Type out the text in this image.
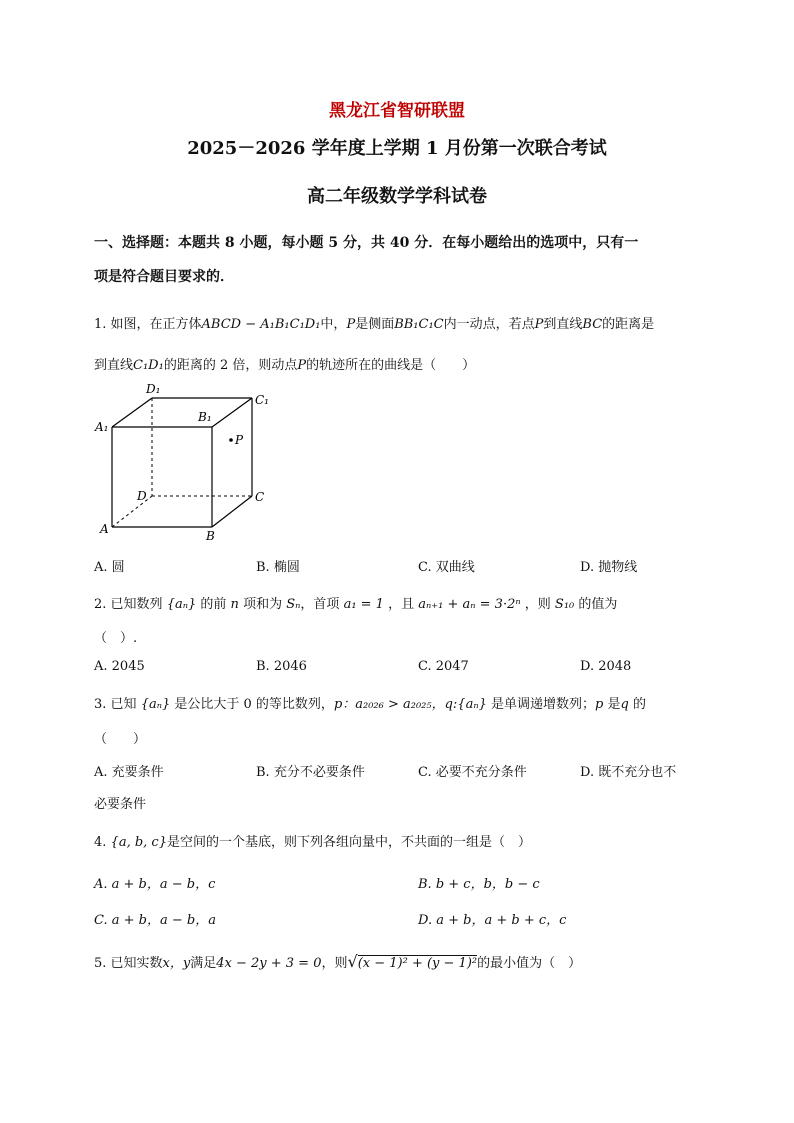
黑龙江省智研联盟
2025－2026 学年度上学期 1 月份第一次联合考试
高二年级数学学科试卷
一、选择题：本题共 8 小题，每小题 5 分，共 40 分．在每小题给出的选项中，只有一
项是符合题目要求的．
1. 如图，在正方体ABCD − A₁B₁C₁D₁中，P是侧面BB₁C₁C内一动点，若点P到直线BC的距离是
到直线C₁D₁的距离的 2 倍，则动点P的轨迹所在的曲线是（　　）
D₁
C₁
A₁
B₁
P
D	C
A	B
A. 圆	B. 椭圆	C. 双曲线	D. 抛物线
2. 已知数列 {aₙ} 的前 n 项和为 Sₙ，首项 a₁ = 1 ，且 aₙ₊₁ + aₙ = 3·2ⁿ ，则 S₁₀ 的值为
（　）.
A. 2045	B. 2046	C. 2047	D. 2048
3. 已知 {aₙ} 是公比大于 0 的等比数列，p：a₂₀₂₆ > a₂₀₂₅，q:{aₙ} 是单调递增数列；p 是q 的
（　　）
A. 充要条件	B. 充分不必要条件	C. 必要不充分条件	D. 既不充分也不
必要条件
4. {a, b, c}是空间的一个基底，则下列各组向量中，不共面的一组是（　）
A. a + b，a − b，c	B. b + c，b，b − c
C. a + b，a − b，a	D. a + b，a + b + c，c
5. 已知实数x，y满足4x − 2y + 3 = 0，则√(x − 1)² + (y − 1)²的最小值为（　）
